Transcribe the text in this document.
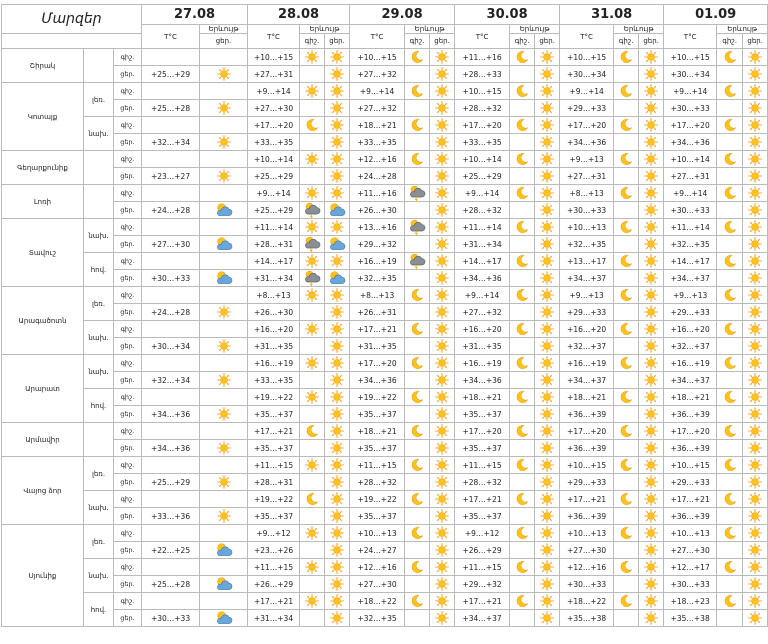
Մարզեր			27.08		28.08			29.08			30.08			31.08			01.09		
			T°C	Երևույթ	T°C	Երևույթ		T°C	Երևույթ		T°C	Երևույթ		T°C	Երևույթ		T°C	Երևույթ	
				ցեր.		գիշ.	ցեր.		գիշ.	ցեր.		գիշ.	ցեր.		գիշ.	ցեր.		գիշ.	ցեր.
Շիրակ		գիշ.			+10…+15			+10…+15			+11…+16			+10…+15			+10…+15		
		ցեր.	+25…+29		+27…+31			+27…+32			+28…+33			+30…+34			+30…+34		
Կոտայք	լեռ.	գիշ.			+9…+14			+9…+14			+10…+15			+9…+14			+9…+14		
		ցեր.	+25…+28		+27…+30			+27…+32			+28…+32			+29…+33			+30…+33		
	նախ.	գիշ.			+17…+20			+18…+21			+17…+20			+17…+20			+17…+20		
		ցեր.	+32…+34		+33…+35			+33…+35			+33…+35			+34…+36			+34…+36		
Գեղարքունիք		գիշ.			+10…+14			+12…+16			+10…+14			+9…+13			+10…+14		
		ցեր.	+23…+27		+25…+29			+24…+28			+25…+29			+27…+31			+27…+31		
Լոռի		գիշ.			+9…+14			+11…+16			+9…+14			+8…+13			+9…+14		
		ցեր.	+24…+28		+25…+29			+26…+30			+28…+32			+30…+33			+30…+33		
Տավուշ	նախ.	գիշ.			+11…+14			+13…+16			+11…+14			+10…+13			+11…+14		
		ցեր.	+27…+30		+28…+31			+29…+32			+31…+34			+32…+35			+32…+35		
	հով.	գիշ.			+14…+17			+16…+19			+14…+17			+13…+17			+14…+17		
		ցեր.	+30…+33		+31…+34			+32…+35			+34…+36			+34…+37			+34…+37		
Արագածոտն	լեռ.	գիշ.			+8…+13			+8…+13			+9…+14			+9…+13			+9…+13		
		ցեր.	+24…+28		+26…+30			+26…+31			+27…+32			+29…+33			+29…+33		
	նախ.	գիշ.			+16…+20			+17…+21			+16…+20			+16…+20			+16…+20		
		ցեր.	+30…+34		+31…+35			+31…+35			+31…+35			+32…+37			+32…+37		
Արարատ	նախ.	գիշ.			+16…+19			+17…+20			+16…+19			+16…+19			+16…+19		
		ցեր.	+32…+34		+33…+35			+34…+36			+34…+36			+34…+37			+34…+37		
	հով.	գիշ.			+19…+22			+19…+22			+18…+21			+18…+21			+18…+21		
		ցեր.	+34…+36		+35…+37			+35…+37			+35…+37			+36…+39			+36…+39		
Արմավիր		գիշ.			+17…+21			+18…+21			+17…+20			+17…+20			+17…+20		
		ցեր.	+34…+36		+35…+37			+35…+37			+35…+37			+36…+39			+36…+39		
Վայոց ձոր	լեռ.	գիշ.			+11…+15			+11…+15			+11…+15			+10…+15			+10…+15		
		ցեր.	+25…+29		+28…+31			+28…+32			+28…+32			+29…+33			+29…+33		
	նախ.	գիշ.			+19…+22			+19…+22			+17…+21			+17…+21			+17…+21		
		ցեր.	+33…+36		+35…+37			+35…+37			+35…+37			+36…+39			+36…+39		
Սյունիք	լեռ.	գիշ.			+9…+12			+10…+13			+9…+12			+10…+13			+10…+13		
		ցեր.	+22…+25		+23…+26			+24…+27			+26…+29			+27…+30			+27…+30		
	նախ.	գիշ.			+11…+15			+12…+16			+11…+15			+12…+16			+12…+17		
		ցեր.	+25…+28		+26…+29			+27…+30			+29…+32			+30…+33			+30…+33		
	հով.	գիշ.			+17…+21			+18…+22			+17…+21			+18…+22			+18…+23		
		ցեր.	+30…+33		+31…+34			+32…+35			+34…+37			+35…+38			+35…+38		
